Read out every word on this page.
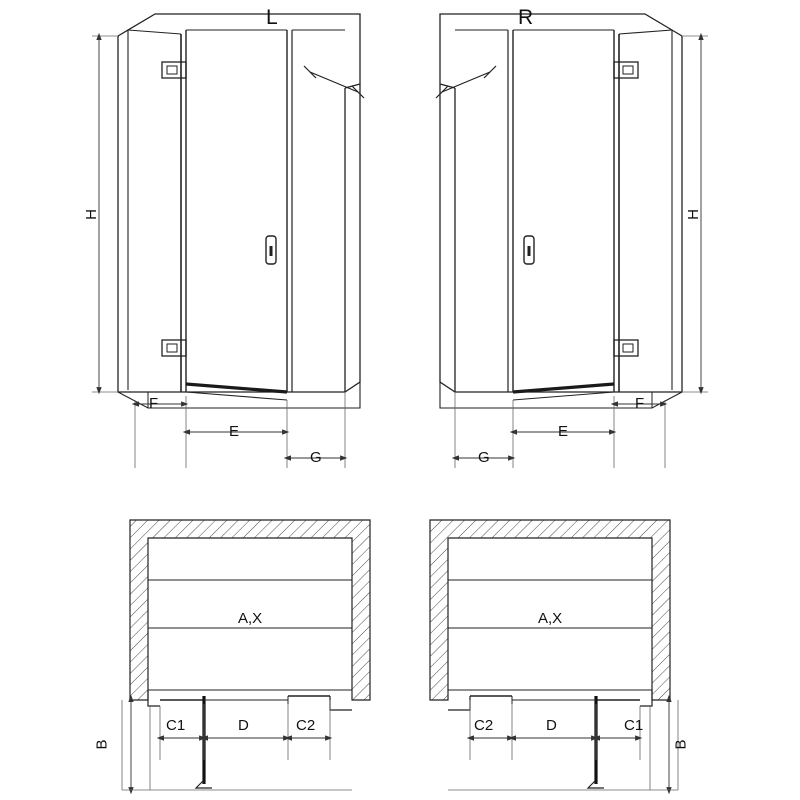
L	R
H	H
F
E
G	G
E
F
A,X	A,X
B	B
C1	D	C2	C2	D	C1
